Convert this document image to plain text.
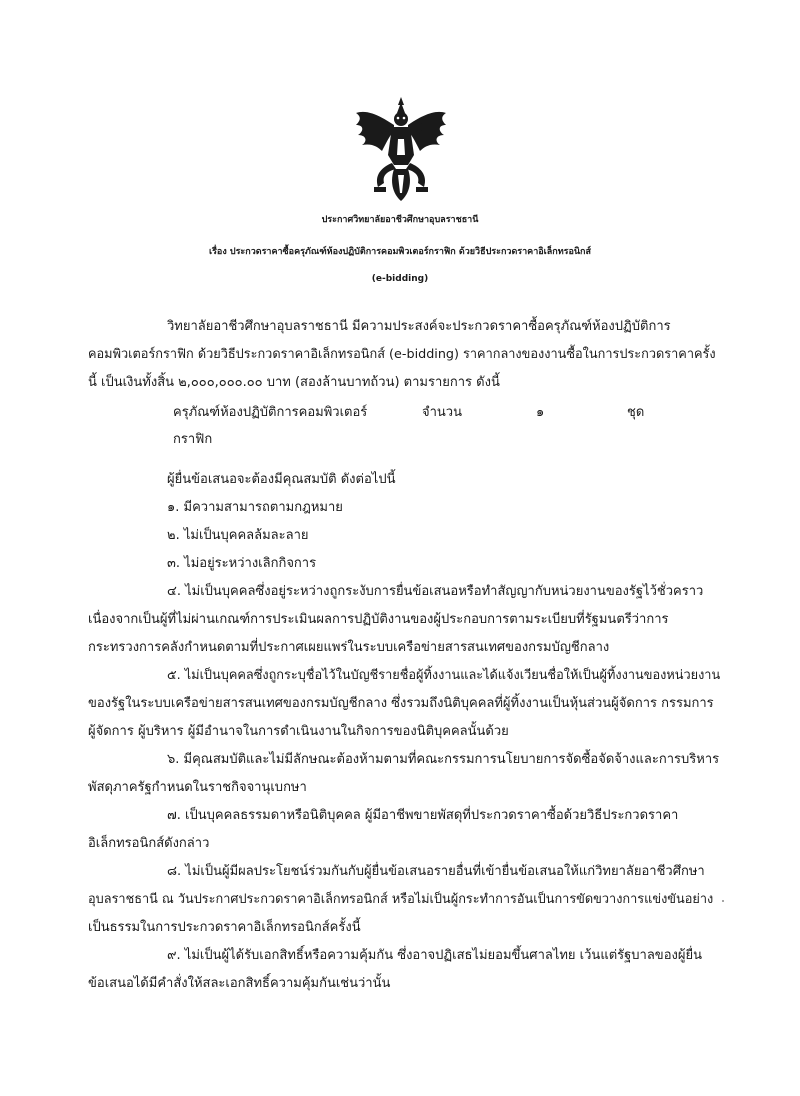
ประกาศวิทยาลัยอาชีวศึกษาอุบลราชธานี
เรื่อง ประกวดราคาซื้อครุภัณฑ์ห้องปฏิบัติการคอมพิวเตอร์กราฟิก ด้วยวิธีประกวดราคาอิเล็กทรอนิกส์
(e-bidding)

วิทยาลัยอาชีวศึกษาอุบลราชธานี มีความประสงค์จะประกวดราคาซื้อครุภัณฑ์ห้องปฏิบัติการ

คอมพิวเตอร์กราฟิก ด้วยวิธีประกวดราคาอิเล็กทรอนิกส์ (e-bidding) ราคากลางของงานซื้อในการประกวดราคาครั้ง

นี้ เป็นเงินทั้งสิ้น ๒,๐๐๐,๐๐๐.๐๐ บาท (สองล้านบาทถ้วน) ตามรายการ ดังนี้

ครุภัณฑ์ห้องปฏิบัติการคอมพิวเตอร์
กราฟิก
จำนวน	๑	ชุด

ผู้ยื่นข้อเสนอจะต้องมีคุณสมบัติ ดังต่อไปนี้

๑. มีความสามารถตามกฎหมาย

๒. ไม่เป็นบุคคลล้มละลาย

๓. ไม่อยู่ระหว่างเลิกกิจการ

๔. ไม่เป็นบุคคลซึ่งอยู่ระหว่างถูกระงับการยื่นข้อเสนอหรือทำสัญญากับหน่วยงานของรัฐไว้ชั่วคราว

เนื่องจากเป็นผู้ที่ไม่ผ่านเกณฑ์การประเมินผลการปฏิบัติงานของผู้ประกอบการตามระเบียบที่รัฐมนตรีว่าการ

กระทรวงการคลังกำหนดตามที่ประกาศเผยแพร่ในระบบเครือข่ายสารสนเทศของกรมบัญชีกลาง

๕. ไม่เป็นบุคคลซึ่งถูกระบุชื่อไว้ในบัญชีรายชื่อผู้ทิ้งงานและได้แจ้งเวียนชื่อให้เป็นผู้ทิ้งงานของหน่วยงาน

ของรัฐในระบบเครือข่ายสารสนเทศของกรมบัญชีกลาง ซึ่งรวมถึงนิติบุคคลที่ผู้ทิ้งงานเป็นหุ้นส่วนผู้จัดการ กรรมการ

ผู้จัดการ ผู้บริหาร ผู้มีอำนาจในการดำเนินงานในกิจการของนิติบุคคลนั้นด้วย

๖. มีคุณสมบัติและไม่มีลักษณะต้องห้ามตามที่คณะกรรมการนโยบายการจัดซื้อจัดจ้างและการบริหาร

พัสดุภาครัฐกำหนดในราชกิจจานุเบกษา

๗. เป็นบุคคลธรรมดาหรือนิติบุคคล ผู้มีอาชีพขายพัสดุที่ประกวดราคาซื้อด้วยวิธีประกวดราคา

อิเล็กทรอนิกส์ดังกล่าว

๘. ไม่เป็นผู้มีผลประโยชน์ร่วมกันกับผู้ยื่นข้อเสนอรายอื่นที่เข้ายื่นข้อเสนอให้แก่วิทยาลัยอาชีวศึกษา

อุบลราชธานี ณ วันประกาศประกวดราคาอิเล็กทรอนิกส์ หรือไม่เป็นผู้กระทำการอันเป็นการขัดขวางการแข่งขันอย่าง

เป็นธรรมในการประกวดราคาอิเล็กทรอนิกส์ครั้งนี้

๙. ไม่เป็นผู้ได้รับเอกสิทธิ์หรือความคุ้มกัน ซึ่งอาจปฏิเสธไม่ยอมขึ้นศาลไทย เว้นแต่รัฐบาลของผู้ยื่น

ข้อเสนอได้มีคำสั่งให้สละเอกสิทธิ์ความคุ้มกันเช่นว่านั้น
